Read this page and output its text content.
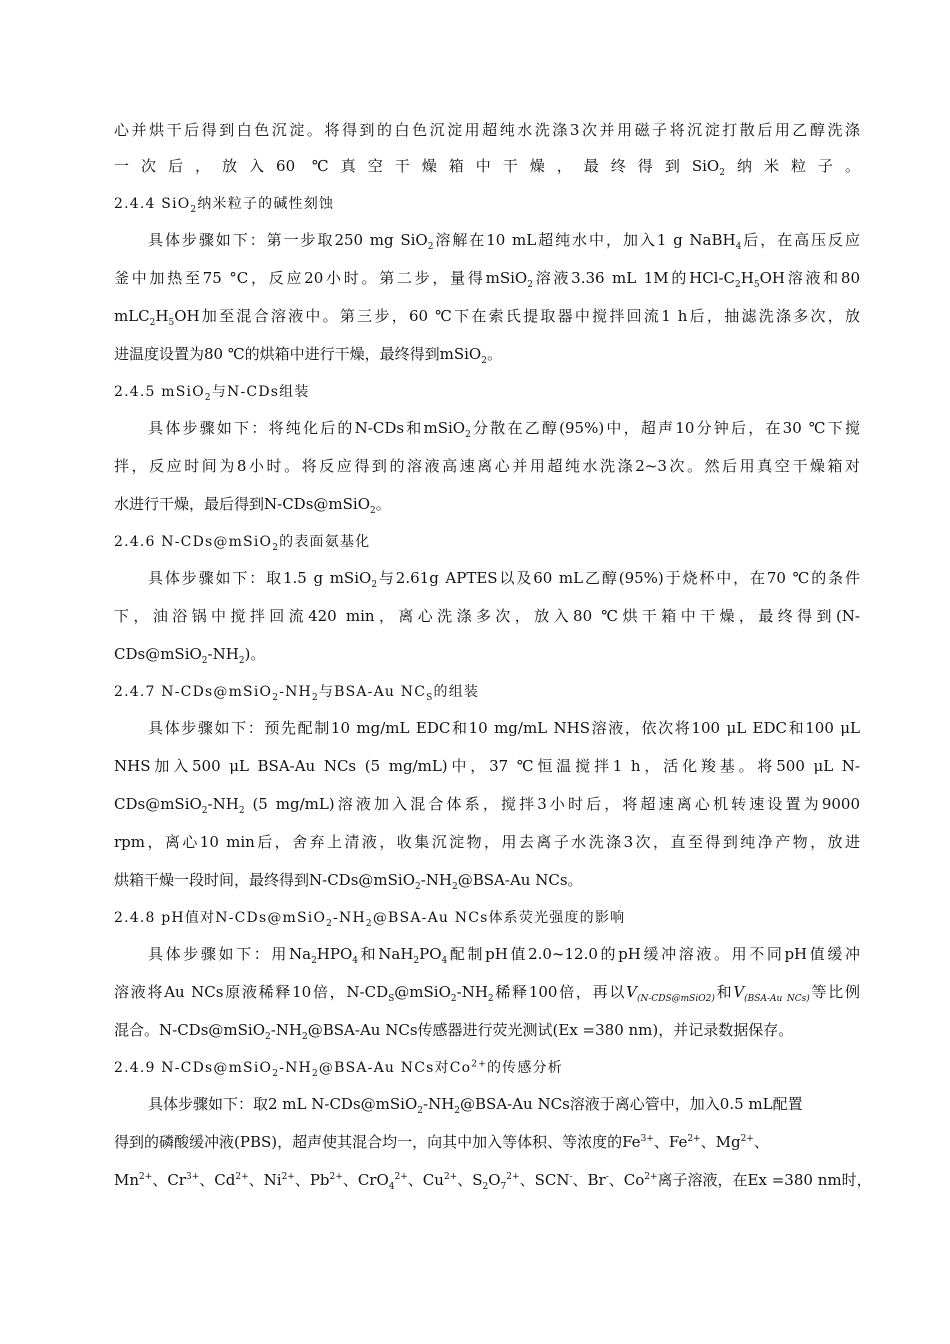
心并烘干后得到白色沉淀。将得到的白色沉淀用超纯水洗涤3次并用磁子将沉淀打散后用乙醇洗涤
一次后，放入60 ℃真空干燥箱中干燥，最终得到SiO$_2$纳米粒子。
2.4.4 SiO$_2$纳米粒子的碱性刻蚀
具体步骤如下：第一步取250 mg SiO$_2$溶解在10 mL超纯水中，加入1 g NaBH$_4$后，在高压反应
釜中加热至75 °C，反应20小时。第二步，量得mSiO$_2$溶液3.36 mL 1M的HCl-$C_2H_5OH$溶液和80
$mLC_2H_5OH$加至混合溶液中。第三步，60 ℃下在索氏提取器中搅拌回流1 h后，抽滤洗涤多次，放
进温度设置为80 ℃的烘箱中进行干燥，最终得到mSiO$_2$。
2.4.5 mSiO$_2$与N-CDs组装
具体步骤如下：将纯化后的N-CDs和mSiO$_2$分散在乙醇(95%)中，超声10分钟后，在30 ℃下搅
拌，反应时间为8小时。将反应得到的溶液高速离心并用超纯水洗涤2~3次。然后用真空干燥箱对
水进行干燥，最后得到N-CDs@mSiO$_2$。
2.4.6 N-CDs@mSiO$_2$的表面氨基化
具体步骤如下：取1.5 g mSiO$_2$与2.61g APTES以及60 mL乙醇(95%)于烧杯中，在70 ℃的条件
下，油浴锅中搅拌回流420 min，离心洗涤多次，放入80 ℃烘干箱中干燥，最终得到(N-
$CDs@mSiO_2-NH_2$)。
2.4.7 $N-CDs@mSiO_2-NH_2$与BSA-Au $NC_S$的组装
具体步骤如下：预先配制10 mg/mL EDC和10 mg/mL NHS溶液，依次将100 μL EDC和100 μL
NHS加入500 μL BSA-Au NCs (5 mg/mL)中，37 ℃恒温搅拌1 h，活化羧基。将500 μL N-
$CDs@mSiO_2-NH_2$ (5 mg/mL)溶液加入混合体系，搅拌3小时后，将超速离心机转速设置为9000
rpm，离心10 min后，舍弃上清液，收集沉淀物，用去离子水洗涤3次，直至得到纯净产物，放进
烘箱干燥一段时间，最终得到$N-CDs@mSiO_2-NH_2@BSA-Au$ NCs。
2.4.8 pH值对$N-CDs@mSiO_2-NH_2@BSA-Au$ NCs体系荧光强度的影响
具体步骤如下：用$Na_2HPO_4$和$NaH_2PO_4$配制pH值2.0~12.0的pH缓冲溶液。用不同pH值缓冲
溶液将Au NCs原液稀释10倍，$N-CD_S@mSiO_2-NH_2$稀释100倍，再以$V_{(N-CDS@mSiO2)}$和$V_{(BSA-Au NCs)}$等比例
混合。$N-CDs@mSiO_2-NH_2@BSA-Au$ NCs传感器进行荧光测试(Ex =380 nm)，并记录数据保存。
2.4.9 $N-CDs@mSiO_2-NH_2@BSA-Au$ NCs对$Co^{2+}$的传感分析
具体步骤如下：取2 mL $N-CDs@mSiO_2-NH_2@BSA-Au$ NCs溶液于离心管中，加入0.5 mL配置
得到的磷酸缓冲液(PBS)，超声使其混合均一，向其中加入等体积、等浓度的$Fe^{3+}$、$Fe^{2+}$、$Mg^{2+}$、
$Mn^{2+}$、$Cr^{3+}$、$Cd^{2+}$、$Ni^{2+}$、$Pb^{2+}$、CrO$_4^{2+}$、$Cu^{2+}$、$S_2O_7^{2+}$、SCN-、Br-、$Co^{2+}$离子溶液，在Ex =380 nm时，
